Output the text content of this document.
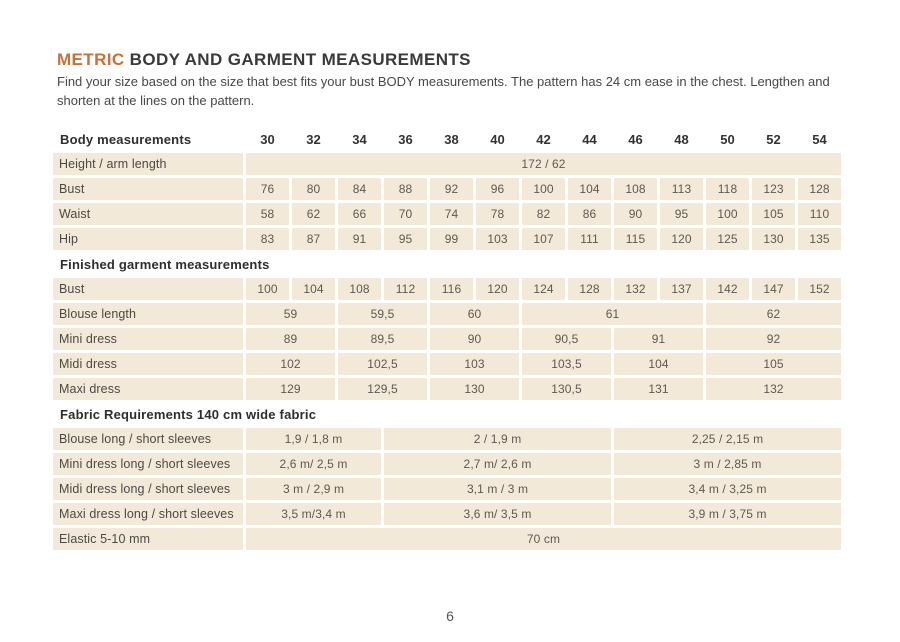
METRIC BODY AND GARMENT MEASUREMENTS
Find your size based on the size that best fits your bust BODY measurements. The pattern has 24 cm ease in the chest. Lengthen and shorten at the lines on the pattern.
Body measurements	30	32	34	36	38	40	42	44	46	48	50	52	54
Height / arm length	172 / 62												
Bust	76	80	84	88	92	96	100	104	108	113	118	123	128
Waist	58	62	66	70	74	78	82	86	90	95	100	105	110
Hip	83	87	91	95	99	103	107	111	115	120	125	130	135
Finished garment measurements													
Bust	100	104	108	112	116	120	124	128	132	137	142	147	152
Blouse length	59		59,5		60		61				62		
Mini dress	89		89,5		90		90,5		91		92		
Midi dress	102		102,5		103		103,5		104		105		
Maxi dress	129		129,5		130		130,5		131		132		
Fabric Requirements 140 cm wide fabric													
Blouse long / short sleeves	1,9 / 1,8 m			2 / 1,9 m					2,25 / 2,15 m				
Mini dress long / short sleeves	2,6 m/ 2,5 m			2,7 m/ 2,6 m					3 m / 2,85 m				
Midi dress long / short sleeves	3 m / 2,9 m			3,1 m / 3 m					3,4 m / 3,25 m				
Maxi dress long / short sleeves	3,5 m/3,4 m			3,6 m/ 3,5 m					3,9 m / 3,75 m				
Elastic 5-10 mm	70 cm												
6
